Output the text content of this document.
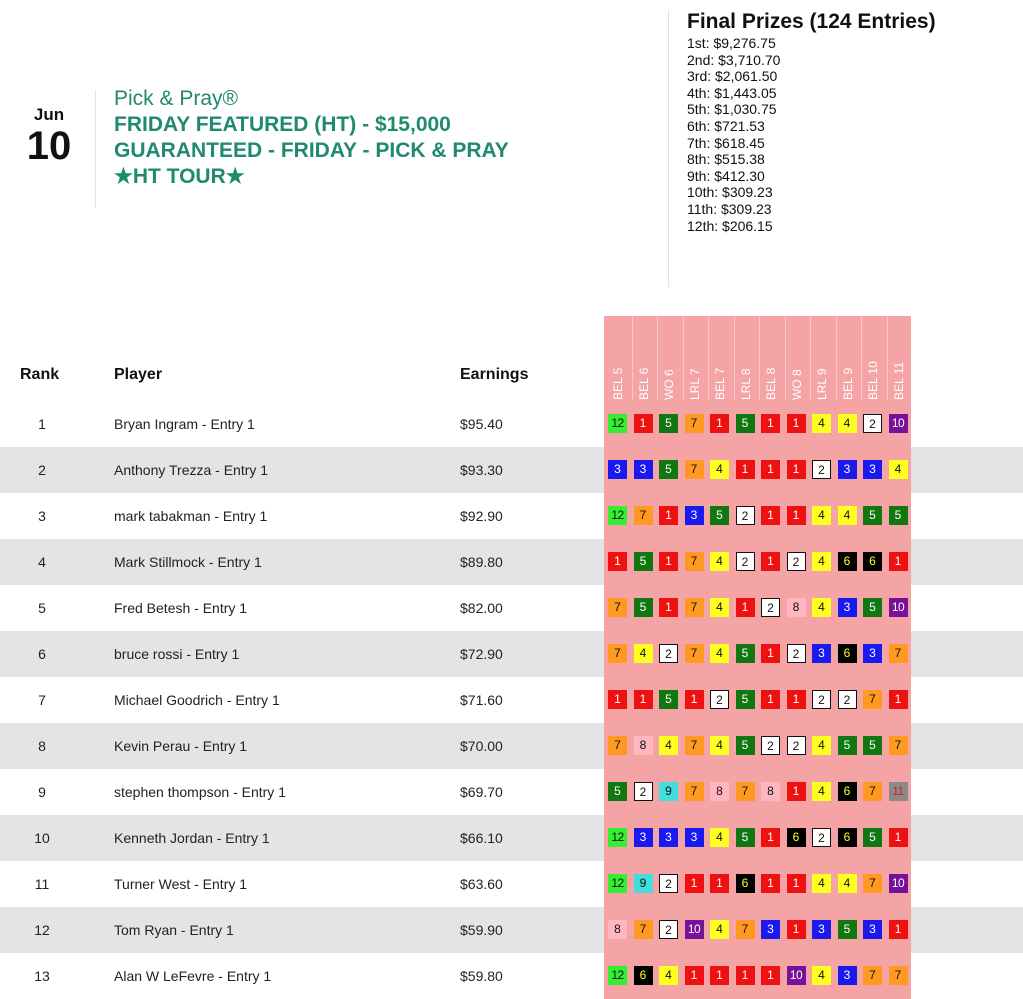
Jun
10
Pick & Pray®
FRIDAY FEATURED (HT) - $15,000
GUARANTEED - FRIDAY - PICK & PRAY
★HT TOUR★
Final Prizes (124 Entries)
1st: $9,276.75
2nd: $3,710.70
3rd: $2,061.50
4th: $1,443.05
5th: $1,030.75
6th: $721.53
7th: $618.45
8th: $515.38
9th: $412.30
10th: $309.23
11th: $309.23
12th: $206.15
Rank	Player	Earnings	BEL 5 BEL 6 WO 6 LRL 7 BEL 7 LRL 8 BEL 8 WO 8 LRL 9 BEL 9 BEL 10 BEL 11
1	Bryan Ingram - Entry 1	$95.40	12	1	5	7	1	5	1	1	4	4	2	10
2	Anthony Trezza - Entry 1	$93.30	3	3	5	7	4	1	1	1	2	3	3	4
3	mark tabakman - Entry 1	$92.90	12	7	1	3	5	2	1	1	4	4	5	5
4	Mark Stillmock - Entry 1	$89.80	1	5	1	7	4	2	1	2	4	6	6	1
5	Fred Betesh - Entry 1	$82.00	7	5	1	7	4	1	2	8	4	3	5	10
6	bruce rossi - Entry 1	$72.90	7	4	2	7	4	5	1	2	3	6	3	7
7	Michael Goodrich - Entry 1	$71.60	1	1	5	1	2	5	1	1	2	2	7	1
8	Kevin Perau - Entry 1	$70.00	7	8	4	7	4	5	2	2	4	5	5	7
9	stephen thompson - Entry 1	$69.70	5	2	9	7	8	7	8	1	4	6	7	11
10	Kenneth Jordan - Entry 1	$66.10	12	3	3	3	4	5	1	6	2	6	5	1
11	Turner West - Entry 1	$63.60	12	9	2	1	1	6	1	1	4	4	7	10
12	Tom Ryan - Entry 1	$59.90	8	7	2	10	4	7	3	1	3	5	3	1
13	Alan W LeFevre - Entry 1	$59.80	12	6	4	1	1	1	1	10	4	3	7	7
